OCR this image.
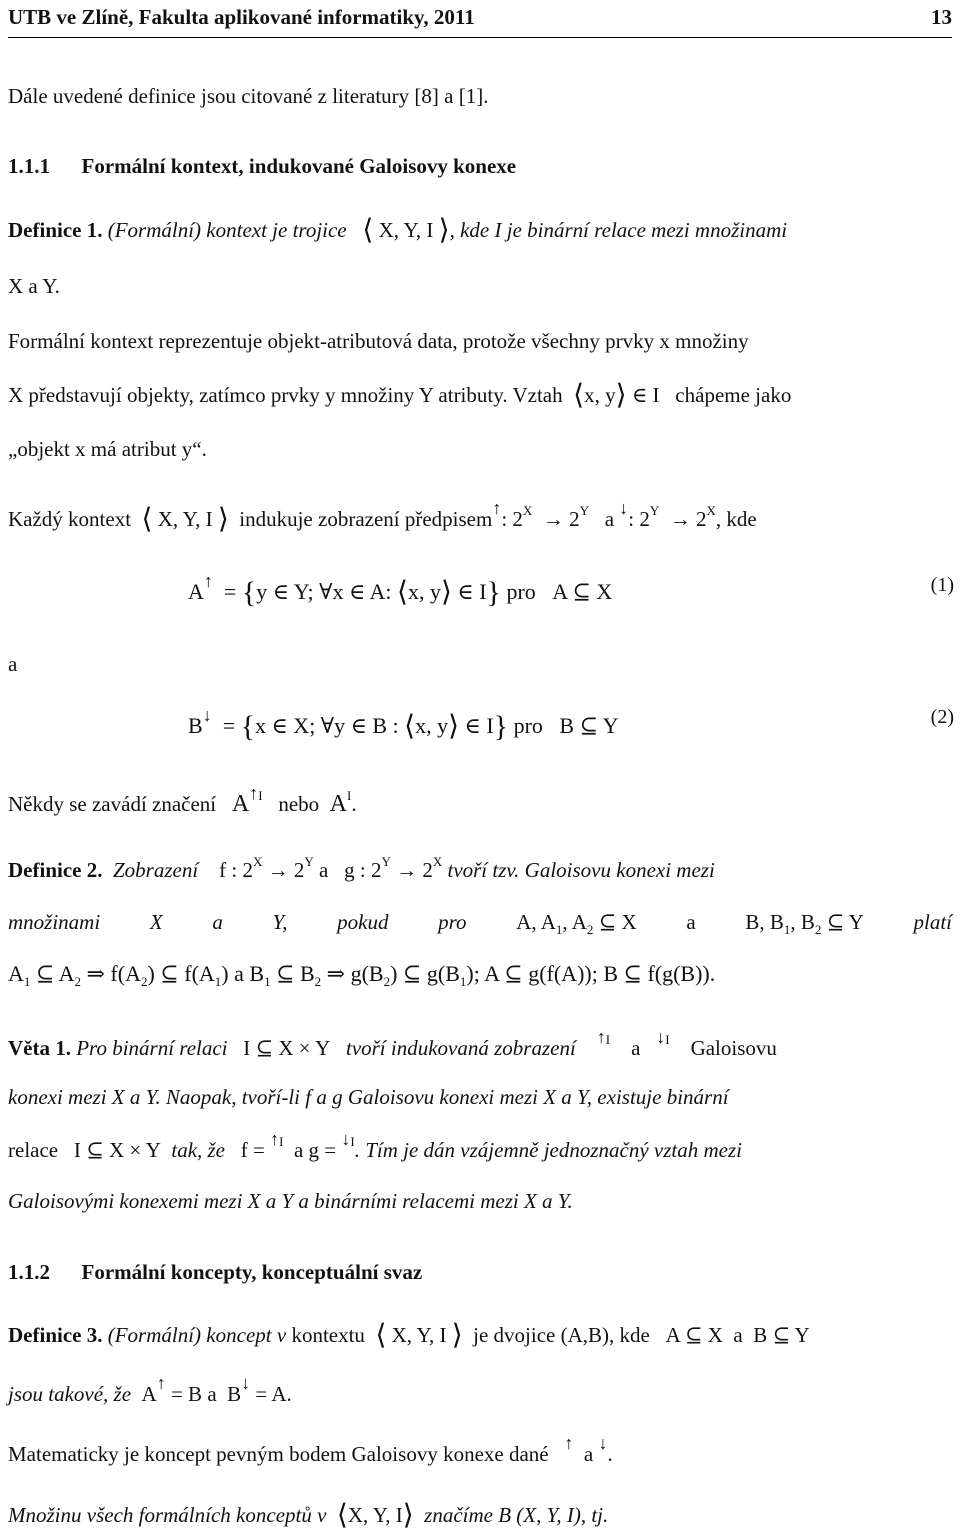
UTB ve Zlíně, Fakulta aplikované informatiky, 2011	13
Dále uvedené definice jsou citované z literatury [8] a [1].
1.1.1 Formální kontext, indukované Galoisovy konexe
Definice 1. (Formální) kontext je trojice ⟨ X, Y, I ⟩, kde I je binární relace mezi množinami
X a Y.
Formální kontext reprezentuje objekt-atributová data, protože všechny prvky x množiny
X představují objekty, zatímco prvky y množiny Y atributy. Vztah ⟨x, y⟩ ∈ I chápeme jako
„objekt x má atribut y“.
Každý kontext ⟨ X, Y, I ⟩ indukuje zobrazení předpisem↑: $2^X \to 2^Y$ a ↓: $2^Y \to 2^X$, kde
A↑  = {y ∈ Y; ∀x ∈ A: ⟨x, y⟩ ∈ I} pro A ⊆ X	(1)
a
B↓  = {x ∈ X; ∀y ∈ B : ⟨x, y⟩ ∈ I} pro B ⊆ Y	(2)
Někdy se zavádí značení A↑$^I$ nebo $A^I$.
Definice 2. Zobrazení f : $2^X \to 2^Y$ a g : $2^Y \to 2^X$ tvoří tzv. Galoisovu konexi mezi
množinami X a Y, pokud pro A, $A_1$, $A_2$ ⊆ X a B, $B_1$, $B_2$ ⊆ Y platí
$A_1$ ⊆ $A_2$ ⇒ $f(A_2)$ ⊆ $f(A_1)$ a $B_1$ ⊆ $B_2$ ⇒ $g(B_2)$ ⊆ $g(B_1)$; A ⊆ g(f(A)); B ⊆ f(g(B)).
Věta 1. Pro binární relaci   I ⊆ X × Y   tvoří indukovaná zobrazení ↑$^I$ a ↓$^I$ Galoisovu
konexi mezi X a Y. Naopak, tvoří-li f a g Galoisovu konexi mezi X a Y, existuje binární
relace   I ⊆ X × Y  tak, že f = ↑$^I$ a g = ↓$^I$. Tím je dán vzájemně jednoznačný vztah mezi
Galoisovými konexemi mezi X a Y a binárními relacemi mezi X a Y.
1.1.2 Formální koncepty, konceptuální svaz
Definice 3. (Formální) koncept v kontextu ⟨ X, Y, I ⟩ je dvojice (A,B), kde   A ⊆ X  a  B ⊆ Y
jsou takové, že  A↑ = B a  B↓ = A.
Matematicky je koncept pevným bodem Galoisovy konexe dané ↑ a ↓.
Množinu všech formálních konceptů v ⟨X, Y, I⟩ značíme B (X, Y, I), tj.
